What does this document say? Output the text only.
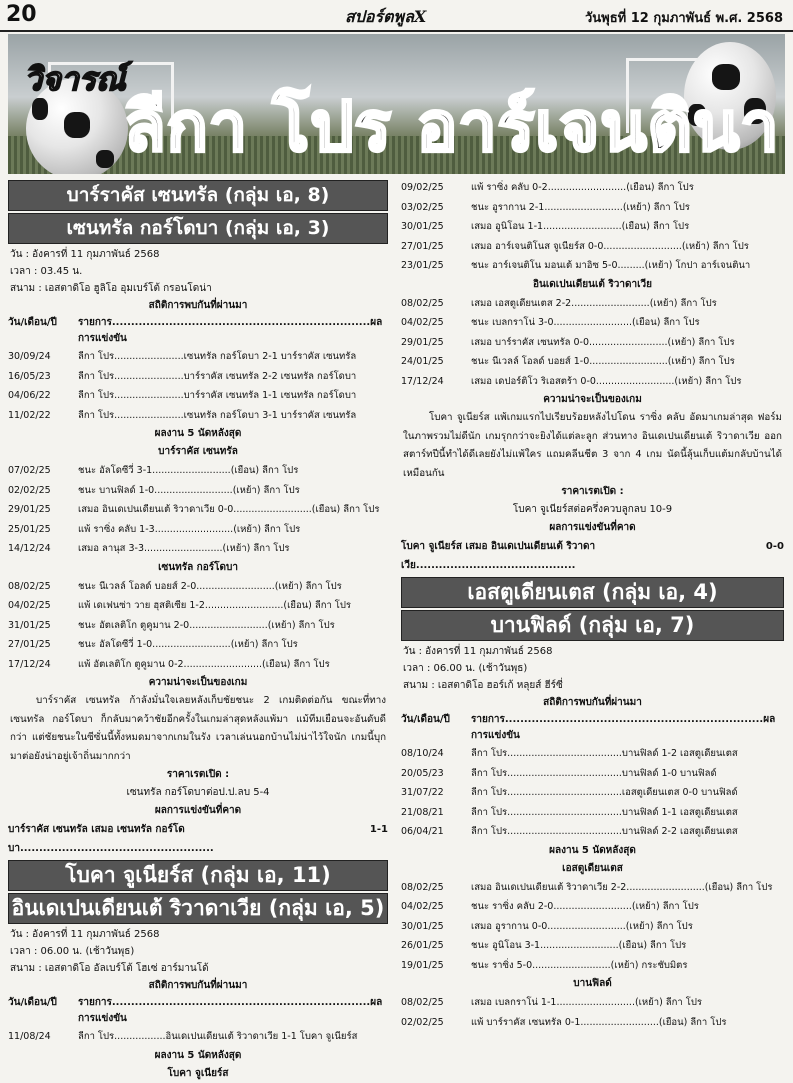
20	สปอร์ตพูลX	วันพุธที่ 12 กุมภาพันธ์ พ.ศ. 2568
วิจารณ์
ลีกา โปร อาร์เจนตินา
บาร์ราคัส เซนทรัล (กลุ่ม เอ, 8)
เซนทรัล กอร์โดบา (กลุ่ม เอ, 3)
วัน : อังคารที่ 11 กุมภาพันธ์ 2568
เวลา : 03.45 น.
สนาม : เอสตาดิโอ ฮูลิโอ อุมเบร์โต้ กรอนโดน่า
สถิติการพบกันที่ผ่านมา
วัน/เดือน/ปี	รายการ....................................................................ผลการแข่งขัน
30/09/24	ลีกา โปร.......................เซนทรัล กอร์โดบา 2-1 บาร์ราคัส เซนทรัล
16/05/23	ลีกา โปร.......................บาร์ราคัส เซนทรัล 2-2 เซนทรัล กอร์โดบา
04/06/22	ลีกา โปร.......................บาร์ราคัส เซนทรัล 1-1 เซนทรัล กอร์โดบา
11/02/22	ลีกา โปร.......................เซนทรัล กอร์โดบา 3-1 บาร์ราคัส เซนทรัล
ผลงาน 5 นัดหลังสุด
บาร์ราคัส เซนทรัล
07/02/25	ชนะ อัลโดซีวี่ 3-1..........................(เยือน) ลีกา โปร
02/02/25	ชนะ บานฟิลด์ 1-0..........................(เหย้า) ลีกา โปร
29/01/25	เสมอ อินเดเปนเดียนเต้ ริวาดาเวีย 0-0..........................(เยือน) ลีกา โปร
25/01/25	แพ้ ราซิ่ง คลับ 1-3..........................(เหย้า) ลีกา โปร
14/12/24	เสมอ ลานุส 3-3..........................(เหย้า) ลีกา โปร
เซนทรัล กอร์โดบา
08/02/25	ชนะ นีเวลล์ โอลด์ บอยส์ 2-0..........................(เหย้า) ลีกา โปร
04/02/25	แพ้ เดเฟนซ่า วาย ฮุสติเซีย 1-2..........................(เยือน) ลีกา โปร
31/01/25	ชนะ อัตเลติโก ตูคูมาน 2-0..........................(เหย้า) ลีกา โปร
27/01/25	ชนะ อัลโดซีวี่ 1-0..........................(เหย้า) ลีกา โปร
17/12/24	แพ้ อัตเลติโก ตูคูมาน 0-2..........................(เยือน) ลีกา โปร
ความน่าจะเป็นของเกม
บาร์ราคัส เซนทรัล ก้าลังมั่นใจเลยหลังเก็บชัยชนะ 2 เกมติดต่อกัน ขณะที่ทาง เซนทรัล กอร์โดบา ก็กลับมาคว้าชัยอีกครั้งในเกมล่าสุดหลังแพ้มา แม้ทีมเยือนจะอันดับดีกว่า แต่ชัยชนะในซีซั่นนี้ทั้งหมดมาจากเกมในรัง เวลาเล่นนอกบ้านไม่น่าไว้ใจนัก เกมนี้บุกมาต่อยังน่าอยู่เจ้าถิ่นมากกว่า
ราคาเรตเปิด :
เซนทรัล กอร์โดบาต่อป.ป.ลบ 5-4
ผลการแข่งขันที่คาด
บาร์ราคัส เซนทรัล เสมอ เซนทรัล กอร์โดบา...................................................
1-1
โบคา จูเนียร์ส (กลุ่ม เอ, 11)
อินเดเปนเดียนเต้ ริวาดาเวีย (กลุ่ม เอ, 5)
วัน : อังคารที่ 11 กุมภาพันธ์ 2568
เวลา : 06.00 น. (เช้าวันพุธ)
สนาม : เอสตาดิโอ อัลเบร์โต้ โฮเซ่ อาร์มานโด้
สถิติการพบกันที่ผ่านมา
วัน/เดือน/ปี	รายการ....................................................................ผลการแข่งขัน
11/08/24	ลีกา โปร.................อินเดเปนเดียนเต้ ริวาดาเวีย 1-1 โบคา จูเนียร์ส
ผลงาน 5 นัดหลังสุด
โบคา จูเนียร์ส
09/02/25	แพ้ ราซิ่ง คลับ 0-2..........................(เยือน) ลีกา โปร
03/02/25	ชนะ อูรากาน 2-1..........................(เหย้า) ลีกา โปร
30/01/25	เสมอ อูนิโอน 1-1..........................(เยือน) ลีกา โปร
27/01/25	เสมอ อาร์เจนติโนส จูเนียร์ส 0-0..........................(เหย้า) ลีกา โปร
23/01/25	ชนะ อาร์เจนติโน มอนเต้ มาอิซ 5-0.........(เหย้า) โกปา อาร์เจนตินา
อินเดเปนเดียนเต้ ริวาดาเวีย
08/02/25	เสมอ เอสตูเดียนเตส 2-2..........................(เหย้า) ลีกา โปร
04/02/25	ชนะ เบลกราโน่ 3-0..........................(เยือน) ลีกา โปร
29/01/25	เสมอ บาร์ราคัส เซนทรัล 0-0..........................(เหย้า) ลีกา โปร
24/01/25	ชนะ นีเวลล์ โอลด์ บอยส์ 1-0..........................(เหย้า) ลีกา โปร
17/12/24	เสมอ เดปอร์ติโว ริเอสตร้า 0-0..........................(เหย้า) ลีกา โปร
ความน่าจะเป็นของเกม
โบคา จูเนียร์ส แพ้เกมแรกไปเรียบร้อยหลังไปโดน ราซิ่ง คลับ อัดมาเกมล่าสุด ฟอร์มในภาพรวมไม่ดีนัก เกมรุกกว่าจะยิงได้แต่ละลูก ส่วนทาง อินเดเปนเดียนเต้ ริวาดาเวีย ออกสตาร์ทปีนี้ทำได้ดีเลยยังไม่แพ้ใคร แถมคลีนชีต 3 จาก 4 เกม นัดนี้ลุ้นเก็บแต้มกลับบ้านได้เหมือนกัน
ราคาเรตเปิด :
โบคา จูเนียร์สต่อครึ่งควบลูกลบ 10-9
ผลการแข่งขันที่คาด
โบคา จูเนียร์ส เสมอ อินเดเปนเดียนเต้ ริวาดาเวีย..........................................
0-0
เอสตูเดียนเตส (กลุ่ม เอ, 4)
บานฟิลด์ (กลุ่ม เอ, 7)
วัน : อังคารที่ 11 กุมภาพันธ์ 2568
เวลา : 06.00 น. (เช้าวันพุธ)
สนาม : เอสตาดิโอ ฮอร์เก้ หลุยส์ ฮีร์ซี่
สถิติการพบกันที่ผ่านมา
วัน/เดือน/ปี	รายการ....................................................................ผลการแข่งขัน
08/10/24	ลีกา โปร......................................บานฟิลด์ 1-2 เอสตูเดียนเตส
20/05/23	ลีกา โปร......................................บานฟิลด์ 1-0 บานฟิลด์
31/07/22	ลีกา โปร......................................เอสตูเดียนเตส 0-0 บานฟิลด์
21/08/21	ลีกา โปร......................................บานฟิลด์ 1-1 เอสตูเดียนเตส
06/04/21	ลีกา โปร......................................บานฟิลด์ 2-2 เอสตูเดียนเตส
ผลงาน 5 นัดหลังสุด
เอสตูเดียนเตส
08/02/25	เสมอ อินเดเปนเดียนเต้ ริวาดาเวีย 2-2..........................(เยือน) ลีกา โปร
04/02/25	ชนะ ราซิ่ง คลับ 2-0..........................(เหย้า) ลีกา โปร
30/01/25	เสมอ อูรากาน 0-0..........................(เหย้า) ลีกา โปร
26/01/25	ชนะ อูนิโอน 3-1..........................(เยือน) ลีกา โปร
19/01/25	ชนะ ราซิ่ง 5-0..........................(เหย้า) กระชับมิตร
บานฟิลด์
08/02/25	เสมอ เบลกราโน่ 1-1..........................(เหย้า) ลีกา โปร
02/02/25	แพ้ บาร์ราคัส เซนทรัล 0-1..........................(เยือน) ลีกา โปร
